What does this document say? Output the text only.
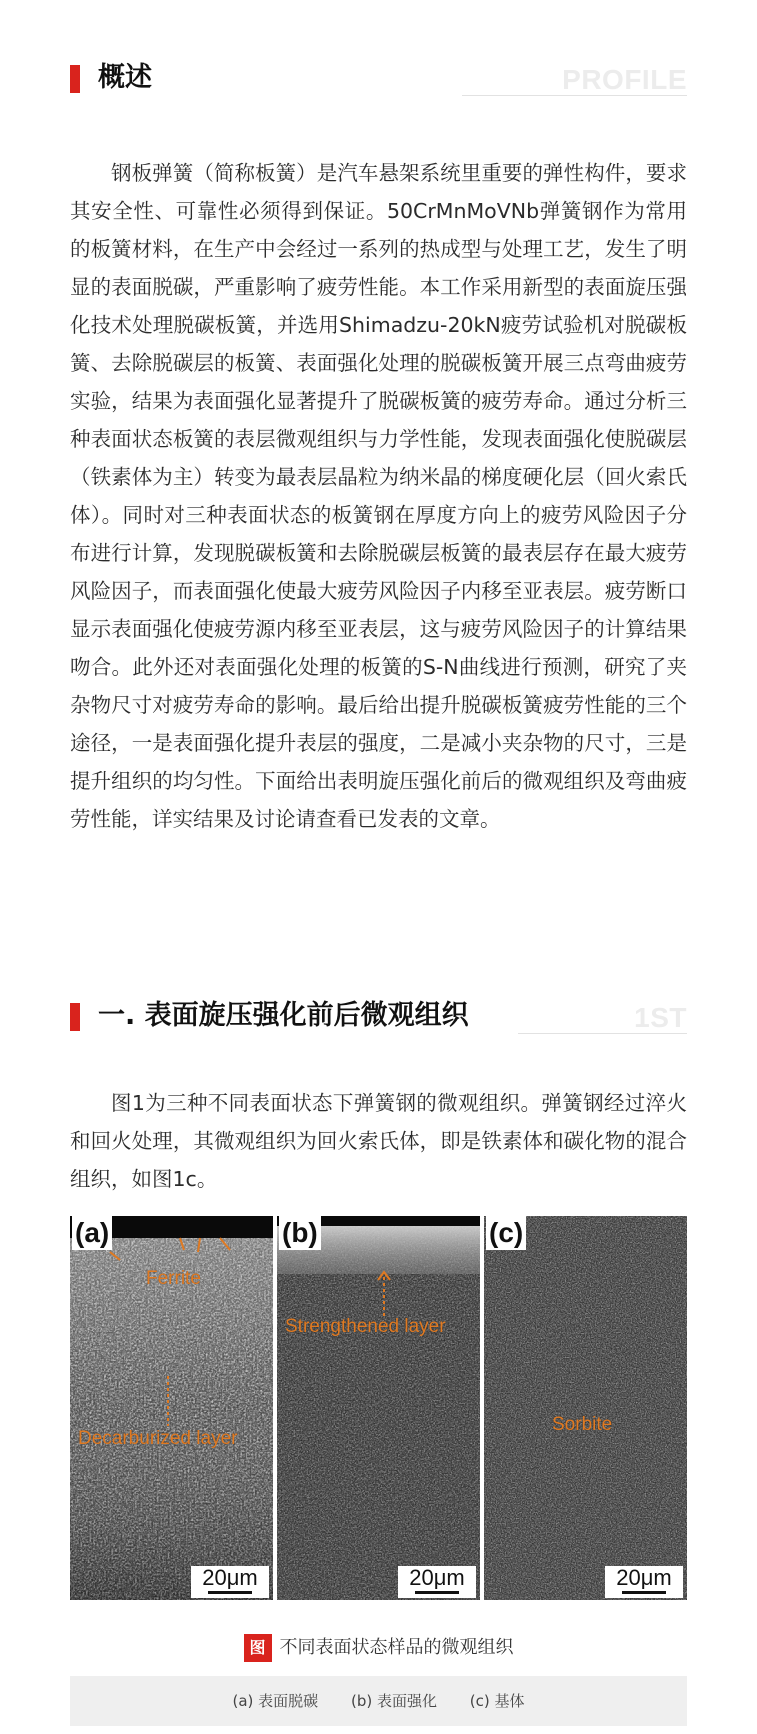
概述	PROFILE

钢板弹簧（简称板簧）是汽车悬架系统里重要的弹性构件，要求其安全性、可靠性必须得到保证。50CrMnMoVNb弹簧钢作为常用的板簧材料，在生产中会经过一系列的热成型与处理工艺，发生了明显的表面脱碳，严重影响了疲劳性能。本工作采用新型的表面旋压强化技术处理脱碳板簧，并选用Shimadzu-20kN疲劳试验机对脱碳板簧、去除脱碳层的板簧、表面强化处理的脱碳板簧开展三点弯曲疲劳实验，结果为表面强化显著提升了脱碳板簧的疲劳寿命。通过分析三种表面状态板簧的表层微观组织与力学性能，发现表面强化使脱碳层（铁素体为主）转变为最表层晶粒为纳米晶的梯度硬化层（回火索氏体）。同时对三种表面状态的板簧钢在厚度方向上的疲劳风险因子分布进行计算，发现脱碳板簧和去除脱碳层板簧的最表层存在最大疲劳风险因子，而表面强化使最大疲劳风险因子内移至亚表层。疲劳断口显示表面强化使疲劳源内移至亚表层，这与疲劳风险因子的计算结果吻合。此外还对表面强化处理的板簧的S-N曲线进行预测，研究了夹杂物尺寸对疲劳寿命的影响。最后给出提升脱碳板簧疲劳性能的三个途径，一是表面强化提升表层的强度，二是减小夹杂物的尺寸，三是提升组织的均匀性。下面给出表明旋压强化前后的微观组织及弯曲疲劳性能，详实结果及讨论请查看已发表的文章。

一. 表面旋压强化前后微观组织	1ST

图1为三种不同表面状态下弹簧钢的微观组织。弹簧钢经过淬火和回火处理，其微观组织为回火索氏体，即是铁素体和碳化物的混合组织，如图1c。

(a)
Ferrite
Decarburized layer
20μm
(b)
Strengthened layer
20μm
(c)
Sorbite
20μm
图 不同表面状态样品的微观组织
(a) 表面脱碳 (b) 表面强化 (c) 基体
